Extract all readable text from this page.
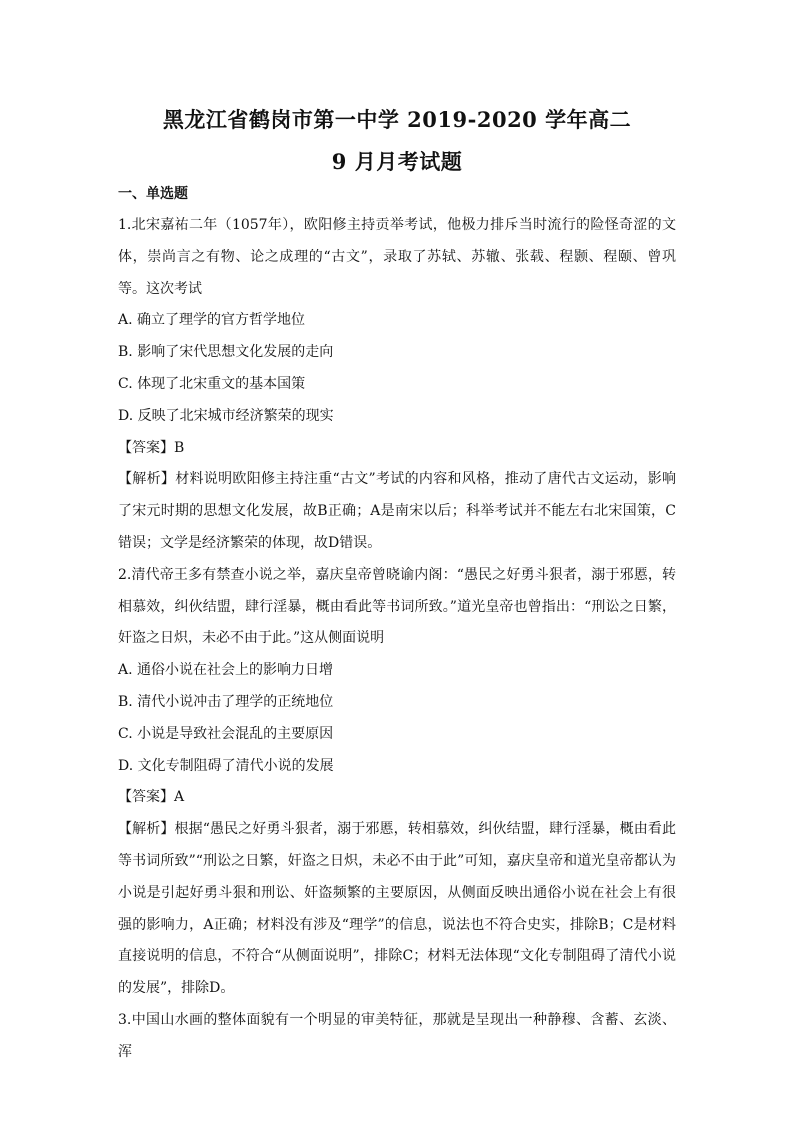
黑龙江省鹤岗市第一中学 2019-2020 学年高二
9 月月考试题
一、单选题

1.北宋嘉祐二年（1057年），欧阳修主持贡举考试，他极力排斥当时流行的险怪奇涩的文体，崇尚言之有物、论之成理的“古文”，录取了苏轼、苏辙、张载、程颢、程颐、曾巩等。这次考试

A. 确立了理学的官方哲学地位

B. 影响了宋代思想文化发展的走向

C. 体现了北宋重文的基本国策

D. 反映了北宋城市经济繁荣的现实

【答案】B

【解析】材料说明欧阳修主持注重“古文”考试的内容和风格，推动了唐代古文运动，影响了宋元时期的思想文化发展，故B正确；A是南宋以后；科举考试并不能左右北宋国策，C错误；文学是经济繁荣的体现，故D错误。

2.清代帝王多有禁查小说之举，嘉庆皇帝曾晓谕内阁：“愚民之好勇斗狠者，溺于邪慝，转相慕效，纠伙结盟，肆行淫暴，概由看此等书词所致。”道光皇帝也曾指出：“刑讼之日繁，奸盗之日炽，未必不由于此。”这从侧面说明

A. 通俗小说在社会上的影响力日增

B. 清代小说冲击了理学的正统地位

C. 小说是导致社会混乱的主要原因

D. 文化专制阻碍了清代小说的发展

【答案】A

【解析】根据“愚民之好勇斗狠者，溺于邪慝，转相慕效，纠伙结盟，肆行淫暴，概由看此等书词所致”“刑讼之日繁，奸盗之日炽，未必不由于此”可知，嘉庆皇帝和道光皇帝都认为小说是引起好勇斗狠和刑讼、奸盗频繁的主要原因，从侧面反映出通俗小说在社会上有很强的影响力，A正确；材料没有涉及“理学”的信息，说法也不符合史实，排除B；C是材料直接说明的信息，不符合“从侧面说明”，排除C；材料无法体现“文化专制阻碍了清代小说的发展”，排除D。

3.中国山水画的整体面貌有一个明显的审美特征，那就是呈现出一种静穆、含蓄、玄淡、浑
